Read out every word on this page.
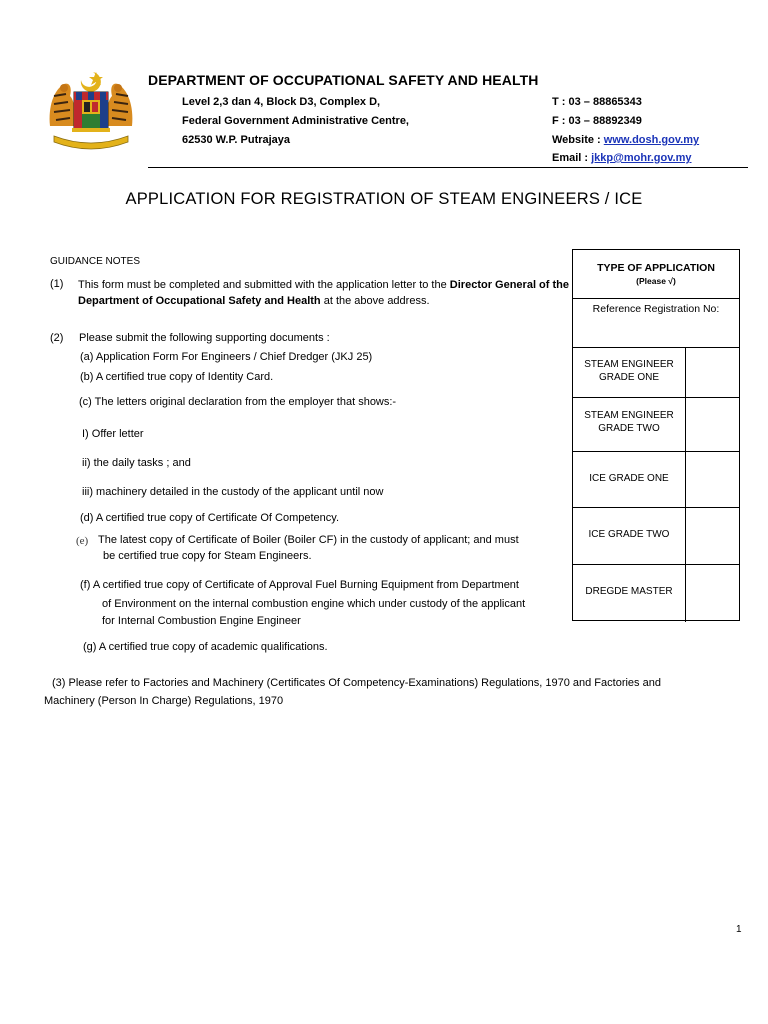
DEPARTMENT OF OCCUPATIONAL SAFETY AND HEALTH
Level 2,3 dan 4, Block D3, Complex D,
Federal Government Administrative Centre,
62530 W.P. Putrajaya
T : 03 – 88865343
F : 03 – 88892349
Website : www.dosh.gov.my
Email : jkkp@mohr.gov.my
APPLICATION FOR REGISTRATION OF STEAM ENGINEERS / ICE
GUIDANCE NOTES
(1) This form must be completed and submitted with the application letter to the Director General of the Department of Occupational Safety and Health at the above address.
(2) Please submit the following supporting documents :
(a) Application Form For Engineers / Chief Dredger (JKJ 25)
(b) A certified true copy of Identity Card.
(c) The letters original declaration from the employer that shows:-
I) Offer letter
ii) the daily tasks ; and
iii) machinery detailed in the custody of the applicant until now
(d) A certified true copy of Certificate Of Competency.
(e) The latest copy of Certificate of Boiler (Boiler CF) in the custody of applicant; and must
be certified true copy for Steam Engineers.
(f) A certified true copy of Certificate of Approval Fuel Burning Equipment from Department
of Environment on the internal combustion engine which under custody of the applicant
for Internal Combustion Engine Engineer
(g) A certified true copy of academic qualifications.
(3) Please refer to Factories and Machinery (Certificates Of Competency-Examinations) Regulations, 1970 and Factories and
Machinery (Person In Charge) Regulations, 1970
TYPE OF APPLICATION
(Please √)
Reference Registration No:
STEAM ENGINEER
GRADE ONE
STEAM ENGINEER
GRADE TWO
ICE GRADE ONE
ICE GRADE TWO
DREGDE MASTER
1
